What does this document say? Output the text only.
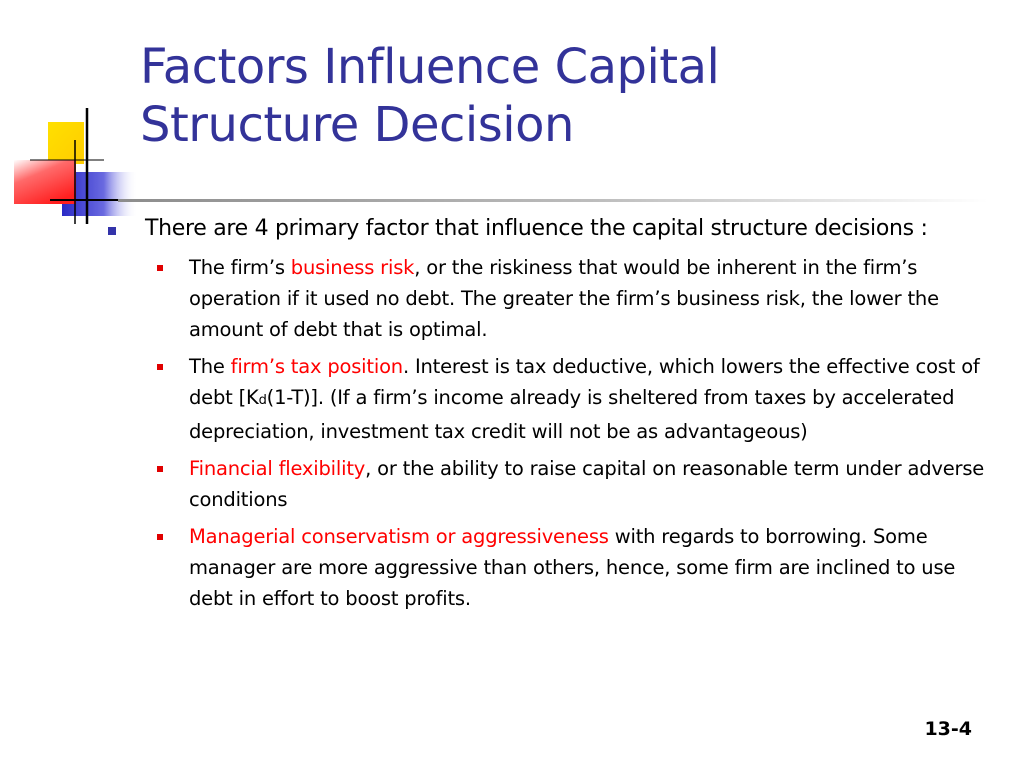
Factors Influence Capital
Structure Decision
There are 4 primary factor that influence the capital structure decisions :
The firm’s business risk, or the riskiness that would be inherent in the firm’s operation if it used no debt. The greater the firm’s business risk, the lower the amount of debt that is optimal.
The firm’s tax position. Interest is tax deductive, which lowers the effective cost of debt [Kd(1-T)]. (If a firm’s income already is sheltered from taxes by accelerated depreciation, investment tax credit will not be as advantageous)
Financial flexibility, or the ability to raise capital on reasonable term under adverse conditions
Managerial conservatism or aggressiveness with regards to borrowing. Some manager are more aggressive than others, hence, some firm are inclined to use debt in effort to boost profits.
13-4
